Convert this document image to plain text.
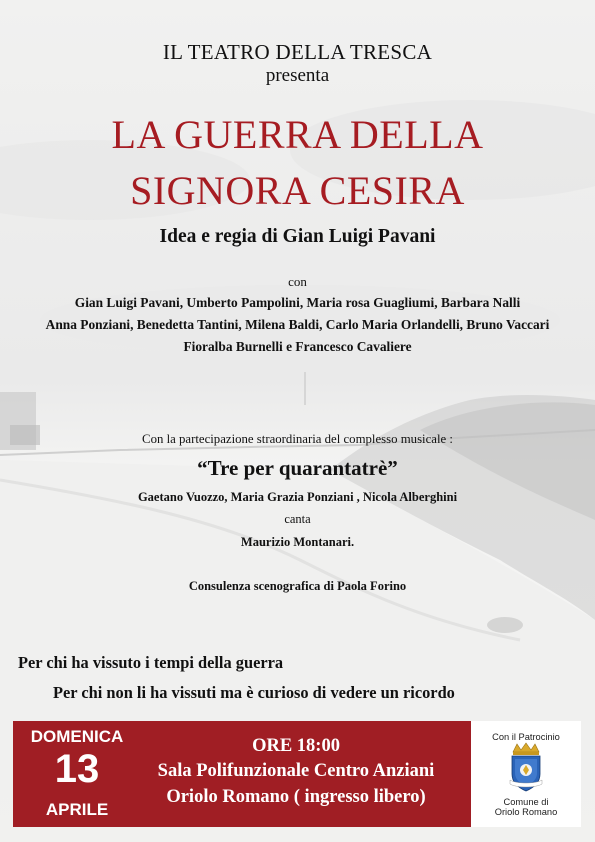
IL TEATRO DELLA TRESCA
presenta
LA GUERRA DELLA
SIGNORA CESIRA
Idea e regia di Gian Luigi Pavani
con
Gian Luigi Pavani, Umberto Pampolini, Maria rosa Guagliumi, Barbara Nalli
Anna Ponziani, Benedetta Tantini, Milena Baldi, Carlo Maria Orlandelli, Bruno Vaccari
Fioralba Burnelli e Francesco Cavaliere
Con la partecipazione straordinaria del complesso musicale :
“Tre per quarantatrè”
Gaetano Vuozzo, Maria Grazia Ponziani , Nicola Alberghini
canta
Maurizio Montanari.
Consulenza scenografica di Paola Forino
Per chi ha vissuto i tempi della guerra
Per chi non li ha vissuti ma è curioso di vedere un ricordo
DOMENICA
13
APRILE
ORE 18:00
Sala Polifunzionale Centro Anziani
Oriolo Romano ( ingresso libero)
Con il Patrocinio
Comune di
Oriolo Romano
